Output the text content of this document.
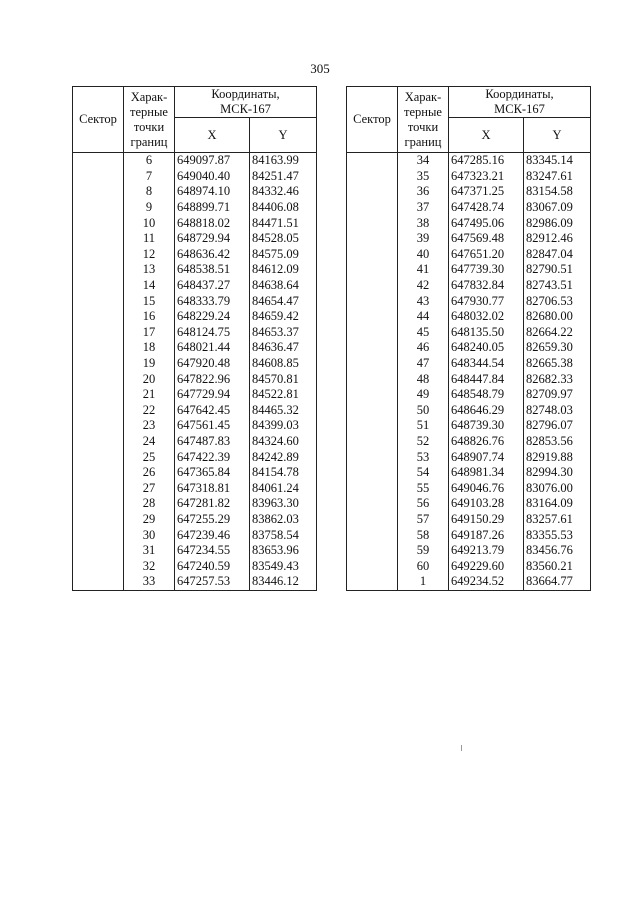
305
Сектор	Харак-
терные
точки
границ	Координаты,
МСК-167	
		X	Y
	6	649097.87	84163.99
	7	649040.40	84251.47
	8	648974.10	84332.46
	9	648899.71	84406.08
	10	648818.02	84471.51
	11	648729.94	84528.05
	12	648636.42	84575.09
	13	648538.51	84612.09
	14	648437.27	84638.64
	15	648333.79	84654.47
	16	648229.24	84659.42
	17	648124.75	84653.37
	18	648021.44	84636.47
	19	647920.48	84608.85
	20	647822.96	84570.81
	21	647729.94	84522.81
	22	647642.45	84465.32
	23	647561.45	84399.03
	24	647487.83	84324.60
	25	647422.39	84242.89
	26	647365.84	84154.78
	27	647318.81	84061.24
	28	647281.82	83963.30
	29	647255.29	83862.03
	30	647239.46	83758.54
	31	647234.55	83653.96
	32	647240.59	83549.43
	33	647257.53	83446.12
Сектор	Харак-
терные
точки
границ	Координаты,
МСК-167	
		X	Y
	34	647285.16	83345.14
	35	647323.21	83247.61
	36	647371.25	83154.58
	37	647428.74	83067.09
	38	647495.06	82986.09
	39	647569.48	82912.46
	40	647651.20	82847.04
	41	647739.30	82790.51
	42	647832.84	82743.51
	43	647930.77	82706.53
	44	648032.02	82680.00
	45	648135.50	82664.22
	46	648240.05	82659.30
	47	648344.54	82665.38
	48	648447.84	82682.33
	49	648548.79	82709.97
	50	648646.29	82748.03
	51	648739.30	82796.07
	52	648826.76	82853.56
	53	648907.74	82919.88
	54	648981.34	82994.30
	55	649046.76	83076.00
	56	649103.28	83164.09
	57	649150.29	83257.61
	58	649187.26	83355.53
	59	649213.79	83456.76
	60	649229.60	83560.21
	1	649234.52	83664.77
